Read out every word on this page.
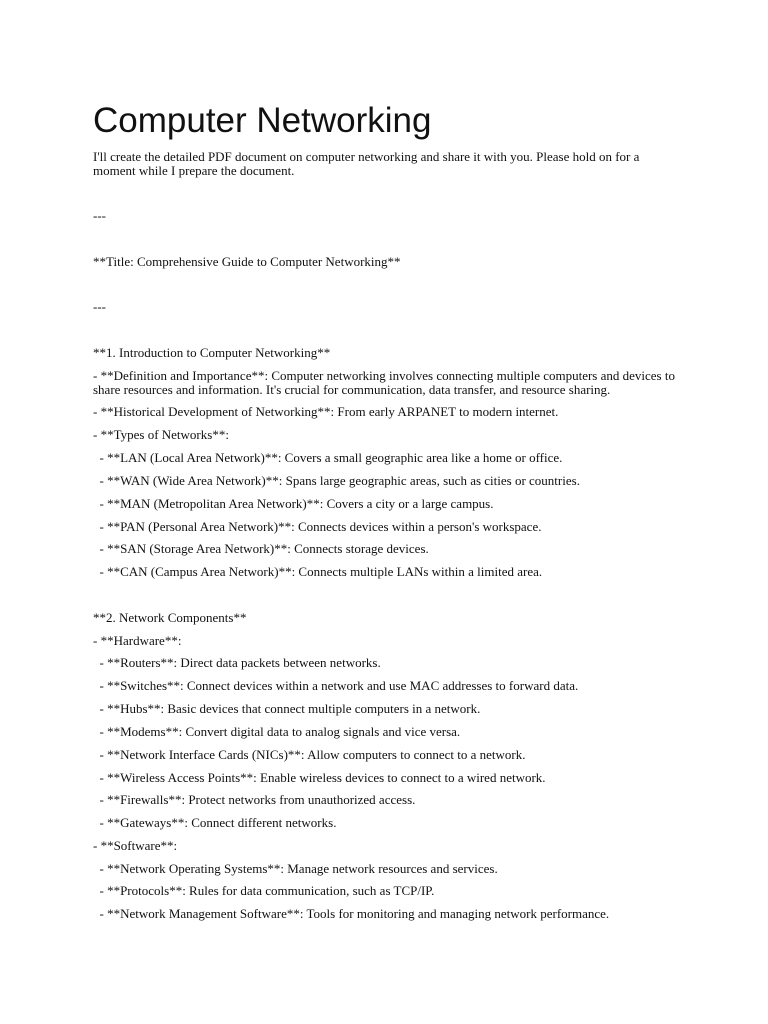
Computer Networking

I'll create the detailed PDF document on computer networking and share it with you. Please hold on for a moment while I prepare the document.

---

**Title: Comprehensive Guide to Computer Networking**

---

**1. Introduction to Computer Networking**

- **Definition and Importance**: Computer networking involves connecting multiple computers and devices to share resources and information. It's crucial for communication, data transfer, and resource sharing.

- **Historical Development of Networking**: From early ARPANET to modern internet.

- **Types of Networks**:

- **LAN (Local Area Network)**: Covers a small geographic area like a home or office.

- **WAN (Wide Area Network)**: Spans large geographic areas, such as cities or countries.

- **MAN (Metropolitan Area Network)**: Covers a city or a large campus.

- **PAN (Personal Area Network)**: Connects devices within a person's workspace.

- **SAN (Storage Area Network)**: Connects storage devices.

- **CAN (Campus Area Network)**: Connects multiple LANs within a limited area.

**2. Network Components**

- **Hardware**:

- **Routers**: Direct data packets between networks.

- **Switches**: Connect devices within a network and use MAC addresses to forward data.

- **Hubs**: Basic devices that connect multiple computers in a network.

- **Modems**: Convert digital data to analog signals and vice versa.

- **Network Interface Cards (NICs)**: Allow computers to connect to a network.

- **Wireless Access Points**: Enable wireless devices to connect to a wired network.

- **Firewalls**: Protect networks from unauthorized access.

- **Gateways**: Connect different networks.

- **Software**:

- **Network Operating Systems**: Manage network resources and services.

- **Protocols**: Rules for data communication, such as TCP/IP.

- **Network Management Software**: Tools for monitoring and managing network performance.
